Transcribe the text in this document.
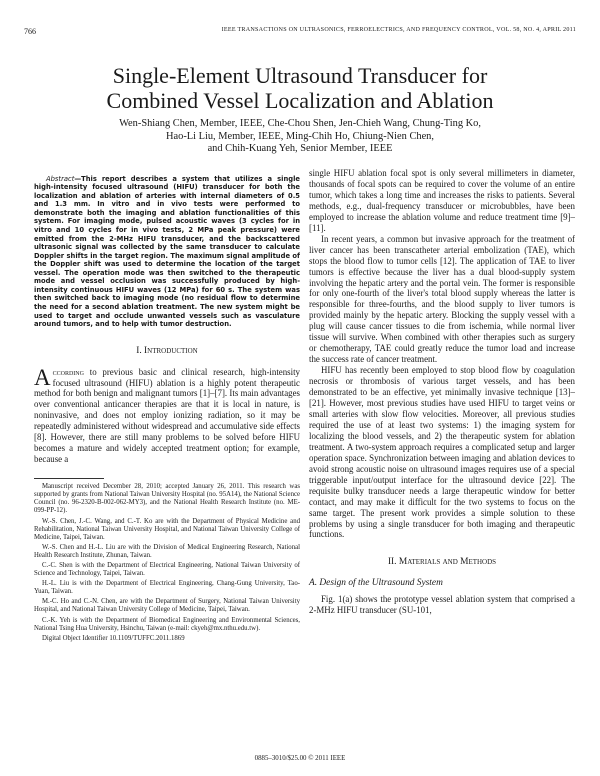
766	IEEE TRANSACTIONS ON ULTRASONICS, FERROELECTRICS, AND FREQUENCY CONTROL, VOL. 58, NO. 4, APRIL 2011
Single-Element Ultrasound Transducer for
Combined Vessel Localization and Ablation
Wen-Shiang Chen, Member, IEEE, Che-Chou Shen, Jen-Chieh Wang, Chung-Ting Ko,
Hao-Li Liu, Member, IEEE, Ming-Chih Ho, Chiung-Nien Chen,
and Chih-Kuang Yeh, Senior Member, IEEE

Abstract—This report describes a system that utilizes a single high-intensity focused ultrasound (HIFU) transducer for both the localization and ablation of arteries with internal diameters of 0.5 and 1.3 mm. In vitro and in vivo tests were performed to demonstrate both the imaging and ablation functionalities of this system. For imaging mode, pulsed acoustic waves (3 cycles for in vitro and 10 cycles for in vivo tests, 2 MPa peak pressure) were emitted from the 2-MHz HIFU transducer, and the backscattered ultrasonic signal was collected by the same transducer to calculate Doppler shifts in the target region. The maximum signal amplitude of the Doppler shift was used to determine the location of the target vessel. The operation mode was then switched to the therapeutic mode and vessel occlusion was successfully produced by high-intensity continuous HIFU waves (12 MPa) for 60 s. The system was then switched back to imaging mode (no residual flow to determine the need for a second ablation treatment. The new system might be used to target and occlude unwanted vessels such as vasculature around tumors, and to help with tumor destruction.

I. Introduction

According to previous basic and clinical research, high-intensity focused ultrasound (HIFU) ablation is a highly potent therapeutic method for both benign and malignant tumors [1]–[7]. Its main advantages over conventional anticancer therapies are that it is local in nature, is noninvasive, and does not employ ionizing radiation, so it may be repeatedly administered without widespread and accumulative side effects [8]. However, there are still many problems to be solved before HIFU becomes a mature and widely accepted treatment option; for example, because a

Manuscript received December 28, 2010; accepted January 26, 2011. This research was supported by grants from National Taiwan University Hospital (no. 95A14), the National Science Council (no. 96-2320-B-002-062-MY3), and the National Health Research Institute (no. ME-099-PP-12).

W.-S. Chen, J.-C. Wang, and C.-T. Ko are with the Department of Physical Medicine and Rehabilitation, National Taiwan University Hospital, and National Taiwan University College of Medicine, Taipei, Taiwan.

W.-S. Chen and H.-L. Liu are with the Division of Medical Engineering Research, National Health Research Institute, Zhunan, Taiwan.

C.-C. Shen is with the Department of Electrical Engineering, National Taiwan University of Science and Technology, Taipei, Taiwan.

H.-L. Liu is with the Department of Electrical Engineering, Chang-Gung University, Tao-Yuan, Taiwan.

M.-C. Ho and C.-N. Chen, are with the Department of Surgery, National Taiwan University Hospital, and National Taiwan University College of Medicine, Taipei, Taiwan.

C.-K. Yeh is with the Department of Biomedical Engineering and Environmental Sciences, National Tsing Hua University, Hsinchu, Taiwan (e-mail: ckyeh@mx.nthu.edu.tw).

Digital Object Identifier 10.1109/TUFFC.2011.1869

single HIFU ablation focal spot is only several millimeters in diameter, thousands of focal spots can be required to cover the volume of an entire tumor, which takes a long time and increases the risks to patients. Several methods, e.g., dual-frequency transducer or microbubbles, have been employed to increase the ablation volume and reduce treatment time [9]–[11].

In recent years, a common but invasive approach for the treatment of liver cancer has been transcatheter arterial embolization (TAE), which stops the blood flow to tumor cells [12]. The application of TAE to liver tumors is effective because the liver has a dual blood-supply system involving the hepatic artery and the portal vein. The former is responsible for only one-fourth of the liver's total blood supply whereas the latter is responsible for three-fourths, and the blood supply to liver tumors is provided mainly by the hepatic artery. Blocking the supply vessel with a plug will cause cancer tissues to die from ischemia, while normal liver tissue will survive. When combined with other therapies such as surgery or chemotherapy, TAE could greatly reduce the tumor load and increase the success rate of cancer treatment.

HIFU has recently been employed to stop blood flow by coagulation necrosis or thrombosis of various target vessels, and has been demonstrated to be an effective, yet minimally invasive technique [13]–[21]. However, most previous studies have used HIFU to target veins or small arteries with slow flow velocities. Moreover, all previous studies required the use of at least two systems: 1) the imaging system for localizing the blood vessels, and 2) the therapeutic system for ablation treatment. A two-system approach requires a complicated setup and larger operation space. Synchronization between imaging and ablation devices to avoid strong acoustic noise on ultrasound images requires use of a special triggerable input/output interface for the ultrasound device [22]. The requisite bulky transducer needs a large therapeutic window for better contact, and may make it difficult for the two systems to focus on the same target. The present work provides a simple solution to these problems by using a single transducer for both imaging and therapeutic functions.

II. Materials and Methods
A. Design of the Ultrasound System

Fig. 1(a) shows the prototype vessel ablation system that comprised a 2-MHz HIFU transducer (SU-101,

0885–3010/$25.00 © 2011 IEEE
